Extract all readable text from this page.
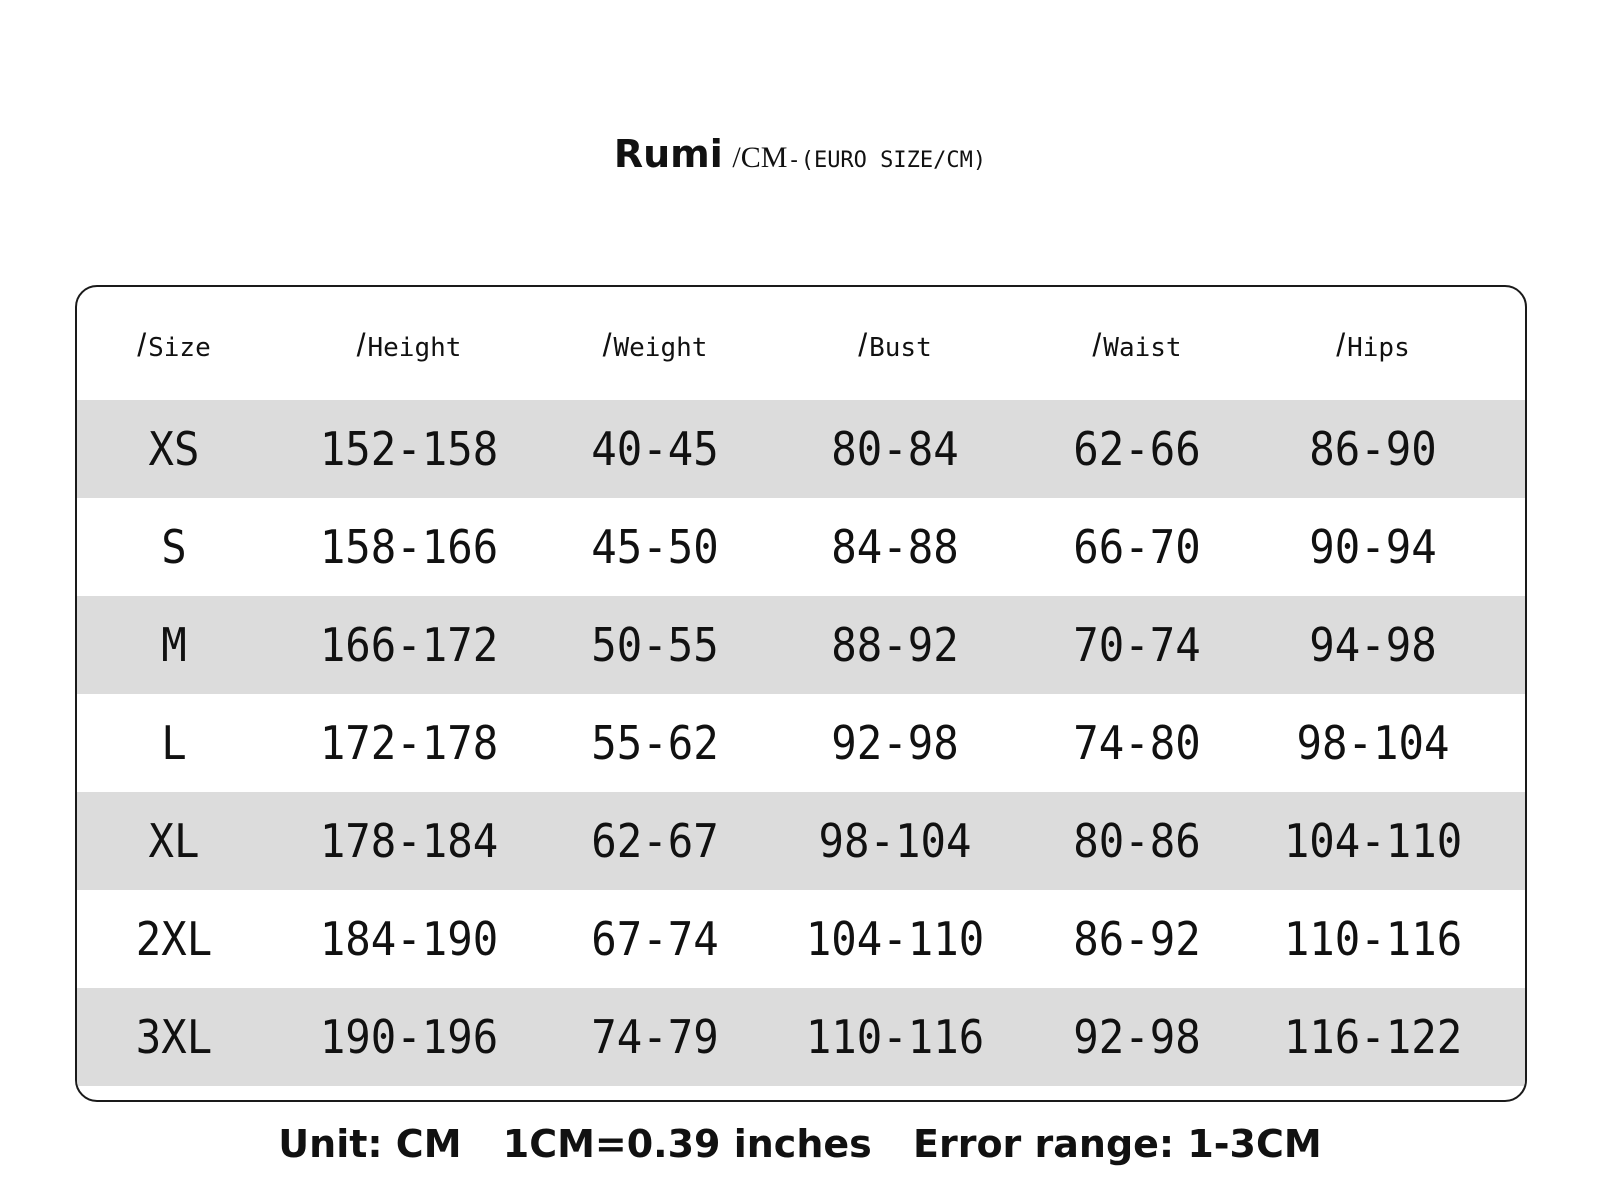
Rumi /CM-(EURO SIZE/CM)
/Size	/Height	/Weight	/Bust	/Waist	/Hips
XS	152-158	40-45	80-84	62-66	86-90
S	158-166	45-50	84-88	66-70	90-94
M	166-172	50-55	88-92	70-74	94-98
L	172-178	55-62	92-98	74-80	98-104
XL	178-184	62-67	98-104	80-86	104-110
2XL	184-190	67-74	104-110	86-92	110-116
3XL	190-196	74-79	110-116	92-98	116-122
Unit: CM 1CM=0.39 inches Error range: 1-3CM
